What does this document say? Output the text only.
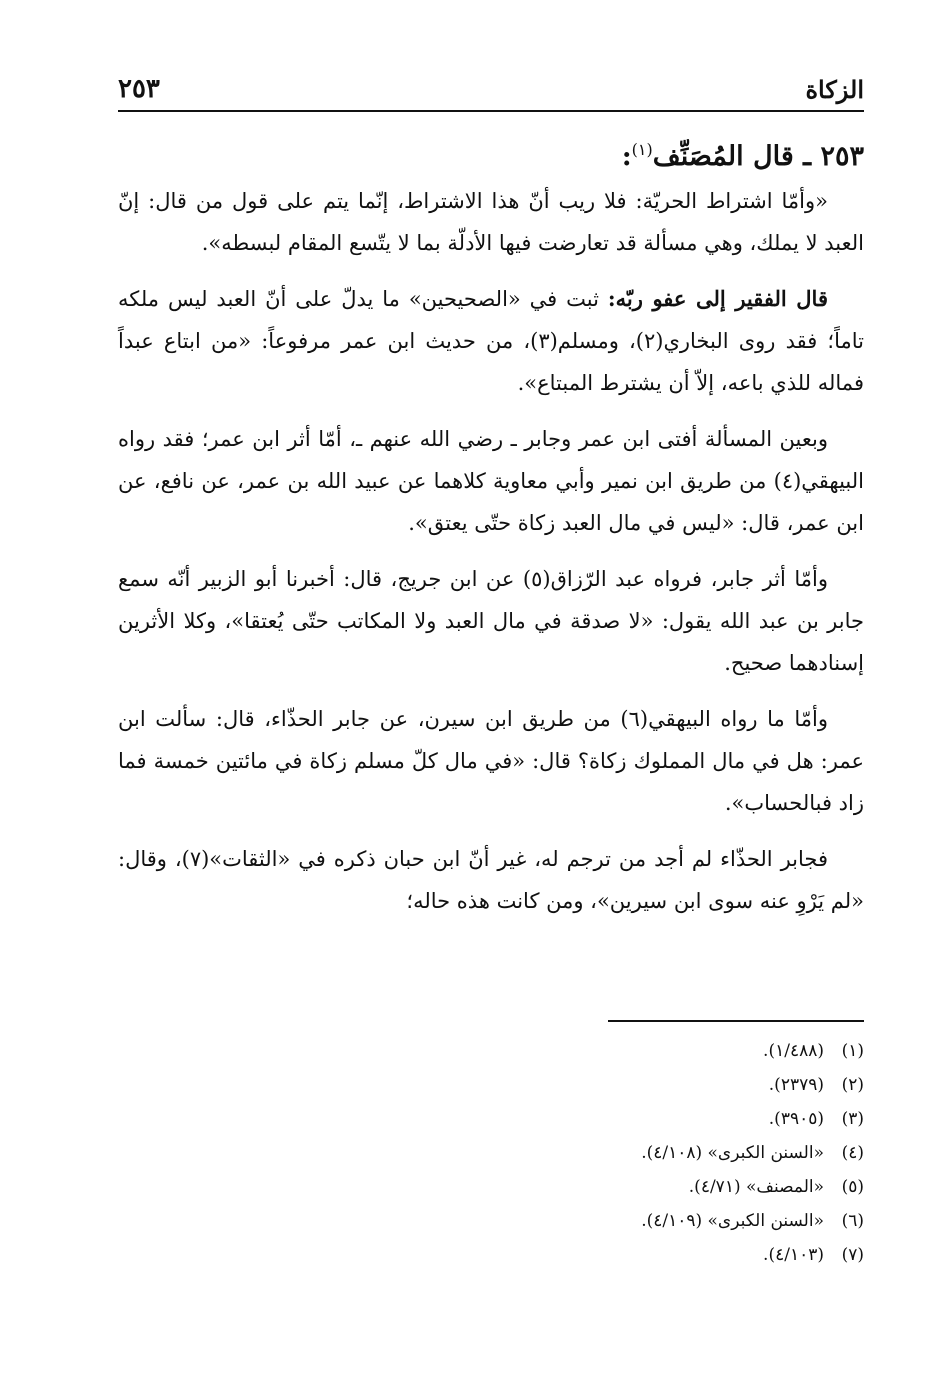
الزكاة
٢٥٣
٢٥٣ ـ قال المُصَنِّف$^{(١)}$:

«وأمّا اشتراط الحريّة: فلا ريب أنّ هذا الاشتراط، إنّما يتم على قول من قال: إنّ العبد لا يملك، وهي مسألة قد تعارضت فيها الأدلّة بما لا يتّسع المقام لبسطه».

قال الفقير إلى عفو ربّه: ثبت في «الصحيحين» ما يدلّ على أنّ العبد ليس ملكه تاماً؛ فقد روى البخاري(٢)، ومسلم(٣)، من حديث ابن عمر مرفوعاً: «من ابتاع عبداً فماله للذي باعه، إلاّ أن يشترط المبتاع».

وبعين المسألة أفتى ابن عمر وجابر ـ رضي الله عنهم ـ، أمّا أثر ابن عمر؛ فقد رواه البيهقي(٤) من طريق ابن نمير وأبي معاوية كلاهما عن عبيد الله بن عمر، عن نافع، عن ابن عمر، قال: «ليس في مال العبد زكاة حتّى يعتق».

وأمّا أثر جابر، فرواه عبد الرّزاق(٥) عن ابن جريج، قال: أخبرنا أبو الزبير أنّه سمع جابر بن عبد الله يقول: «لا صدقة في مال العبد ولا المكاتب حتّى يُعتقا»، وكلا الأثرين إسنادهما صحيح.

وأمّا ما رواه البيهقي(٦) من طريق ابن سيرن، عن جابر الحذّاء، قال: سألت ابن عمر: هل في مال المملوك زكاة؟ قال: «في مال كلّ مسلم زكاة في مائتين خمسة فما زاد فبالحساب».

فجابر الحذّاء لم أجد من ترجم له، غير أنّ ابن حبان ذكره في «الثقات»(٧)، وقال: «لم يَرْوِ عنه سوى ابن سيرين»، ومن كانت هذه حاله؛

(١)
(١/٤٨٨).
(٢)
(٢٣٧٩).
(٣)
(٣٩٠٥).
(٤)
«السنن الكبرى» (٤/١٠٨).
(٥)
«المصنف» (٤/٧١).
(٦)
«السنن الكبرى» (٤/١٠٩).
(٧)
(٤/١٠٣).
